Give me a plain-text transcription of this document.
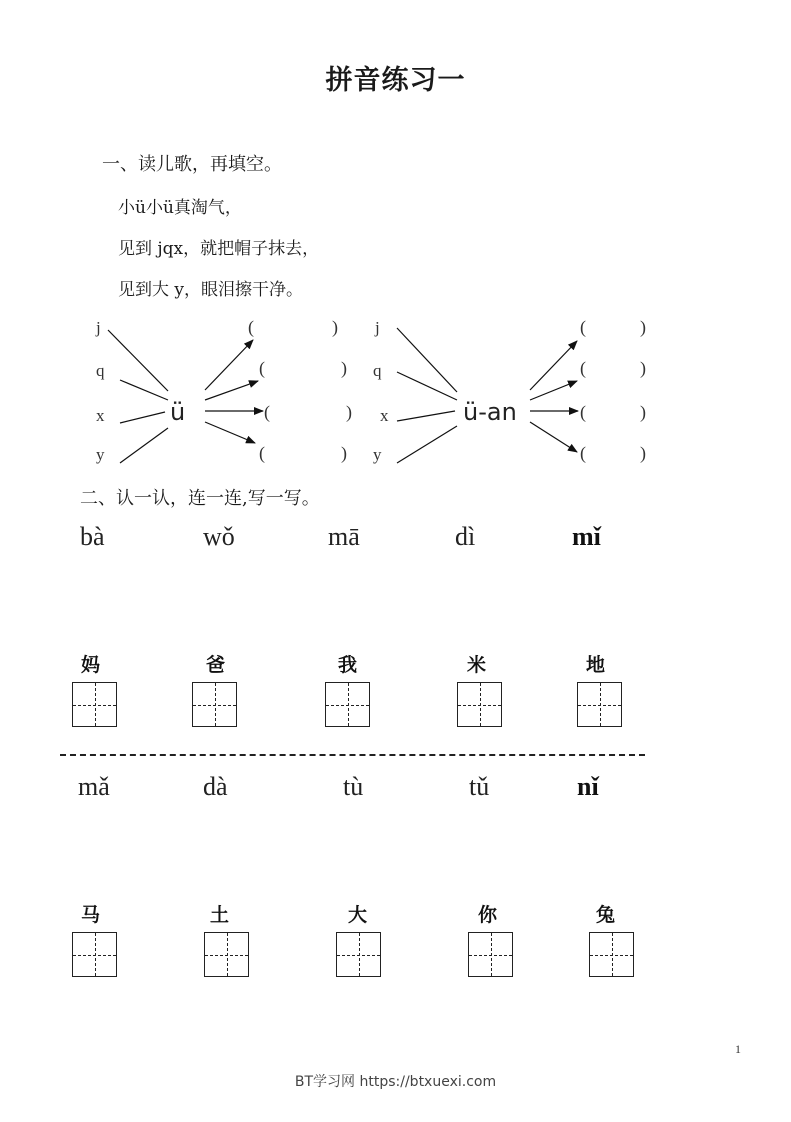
拼音练习一
一、读儿歌，再填空。
小ü小ü真淘气，
见到 jqx，就把帽子抹去，
见到大 y，眼泪擦干净。
j
q
x
y
ü
(	)
(	)
(	)
(	)
j
q
x
y
ü-an
(	)
(	)
(	)
(	)
二、认一认，连一连,写一写。
bà	wǒ	mā	dì	mǐ
妈	爸	我	米	地
mǎ	dà	tù	tǔ	nǐ
马	土	大	你	兔
1
BT学习网 https://btxuexi.com
